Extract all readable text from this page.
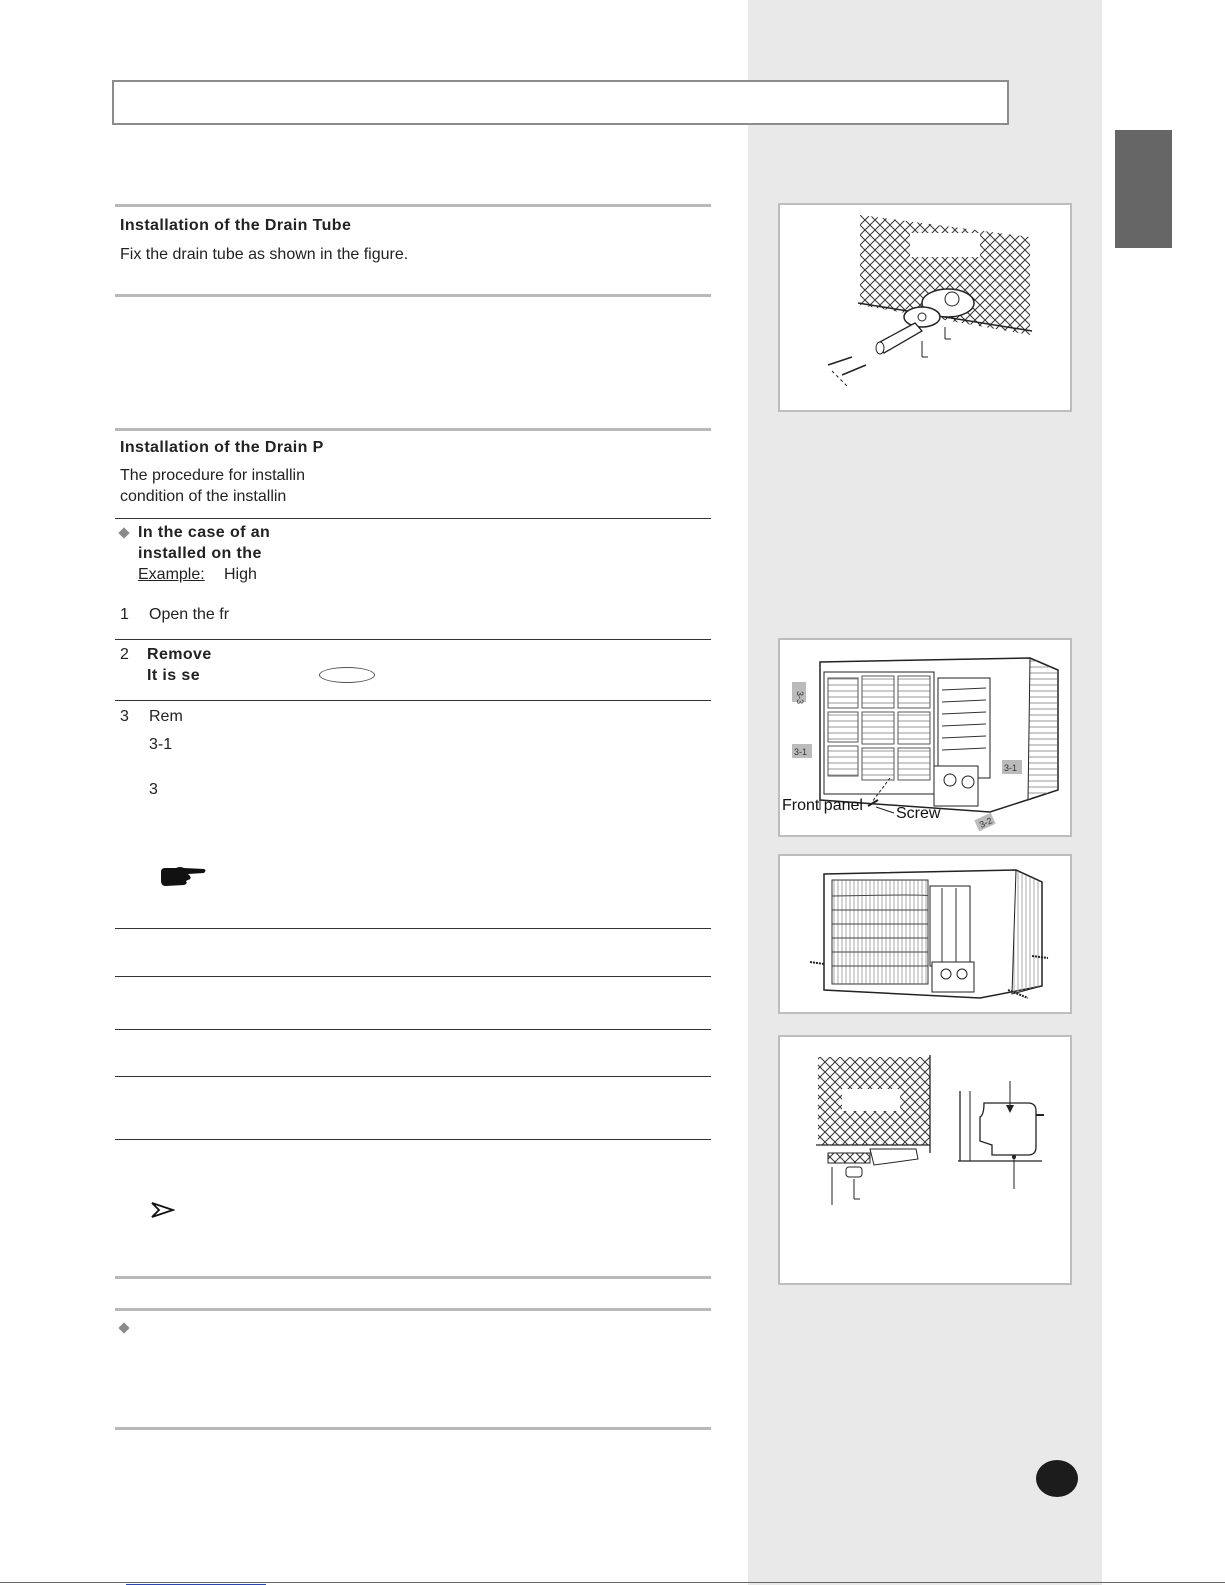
Installation of the Drain Tube
Fix the drain tube as shown in the figure.
Installation of the Drain P
The procedure for installin
condition of the installin
In the case of an
installed on the
Example: High
1 Open the fr
2 Remove
It is se
3 Rem
3-1
3
3-3
3-1
3-1
3-2
Front panel Screw
